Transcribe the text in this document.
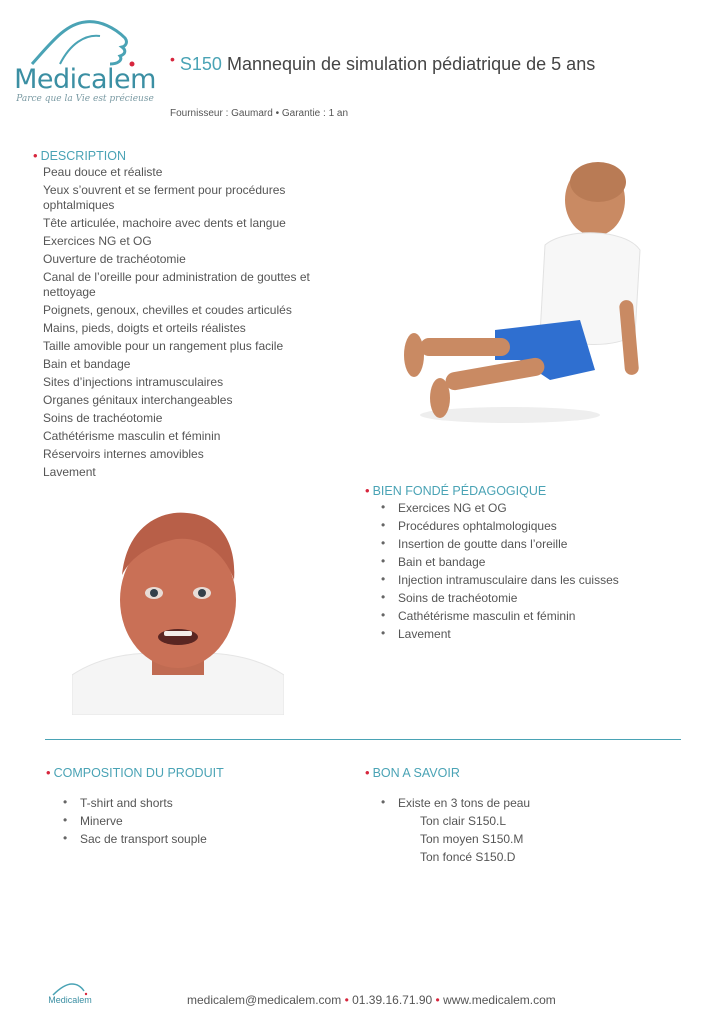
Medicalem
Parce que la Vie est précieuse
• S150 Mannequin de simulation pédiatrique de 5 ans
Fournisseur : Gaumard • Garantie : 1 an
• DESCRIPTION
Peau douce et réaliste
Yeux s’ouvrent et se ferment pour procédures ophtalmiques
Tête articulée, machoire avec dents et langue
Exercices NG et OG
Ouverture de trachéotomie
Canal de l’oreille pour administration de gouttes et nettoyage
Poignets, genoux, chevilles et coudes articulés
Mains, pieds, doigts et orteils réalistes
Taille amovible pour un rangement plus facile
Bain et bandage
Sites d’injections intramusculaires
Organes génitaux interchangeables
Soins de trachéotomie
Cathétérisme masculin et féminin
Réservoirs internes amovibles
Lavement
• BIEN FONDÉ PÉDAGOGIQUE
• Exercices NG et OG
• Procédures ophtalmologiques
• Insertion de goutte dans l’oreille
• Bain et bandage
• Injection intramusculaire dans les cuisses
• Soins de trachéotomie
• Cathétérisme masculin et féminin
• Lavement
• COMPOSITION DU PRODUIT
• T-shirt and shorts
• Minerve
• Sac de transport souple
• BON A SAVOIR
• Existe en 3 tons de peau
Ton clair S150.L
Ton moyen S150.M
Ton foncé S150.D
Medicalem	medicalem@medicalem.com • 01.39.16.71.90 • www.medicalem.com
